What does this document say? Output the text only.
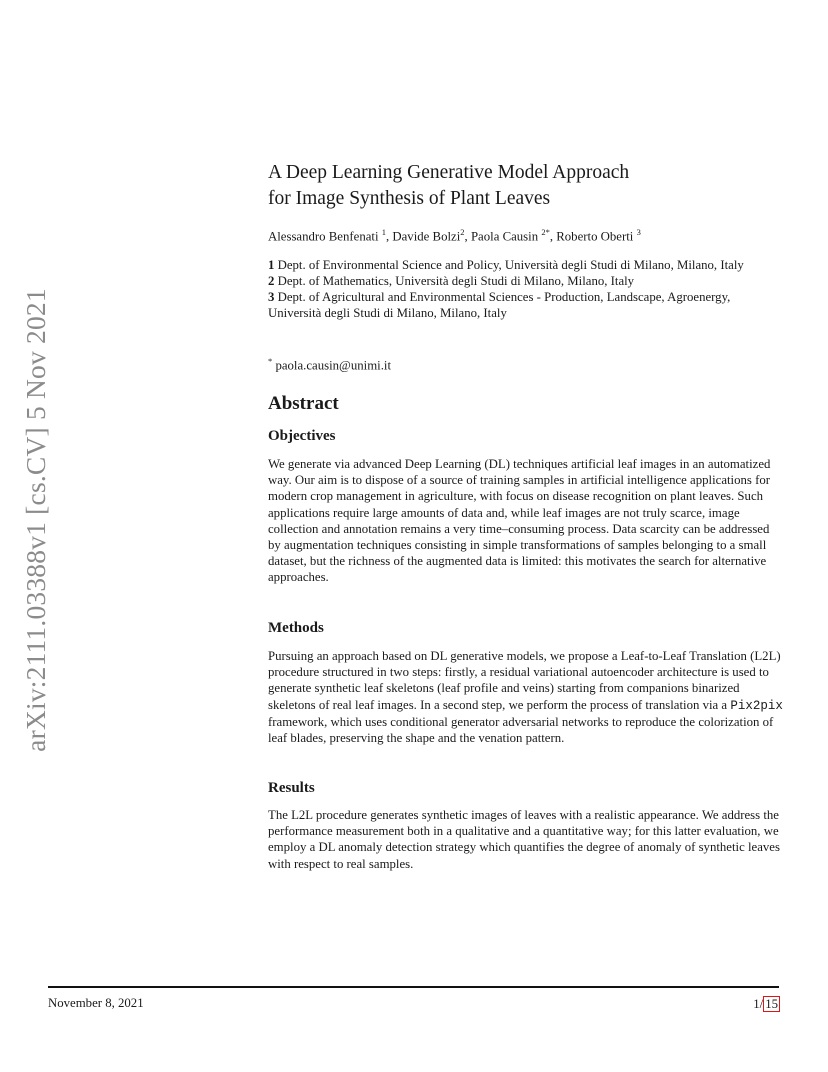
arXiv:2111.03388v1 [cs.CV] 5 Nov 2021
A Deep Learning Generative Model Approach
for Image Synthesis of Plant Leaves
Alessandro Benfenati $^1$, Davide Bolzi$^2$, Paola Causin $^{2*}$, Roberto Oberti $^3$
1 Dept. of Environmental Science and Policy, Università degli Studi di Milano, Milano, Italy
2 Dept. of Mathematics, Università degli Studi di Milano, Milano, Italy
3 Dept. of Agricultural and Environmental Sciences - Production, Landscape, Agroenergy, Università degli Studi di Milano, Milano, Italy
* paola.causin@unimi.it
Abstract
Objectives

We generate via advanced Deep Learning (DL) techniques artificial leaf images in an automatized way. Our aim is to dispose of a source of training samples in artificial intelligence applications for modern crop management in agriculture, with focus on disease recognition on plant leaves. Such applications require large amounts of data and, while leaf images are not truly scarce, image collection and annotation remains a very time–consuming process. Data scarcity can be addressed by augmentation techniques consisting in simple transformations of samples belonging to a small dataset, but the richness of the augmented data is limited: this motivates the search for alternative approaches.

Methods

Pursuing an approach based on DL generative models, we propose a Leaf-to-Leaf Translation (L2L) procedure structured in two steps: firstly, a residual variational autoencoder architecture is used to generate synthetic leaf skeletons (leaf profile and veins) starting from companions binarized skeletons of real leaf images. In a second step, we perform the process of translation via a Pix2pix framework, which uses conditional generator adversarial networks to reproduce the colorization of leaf blades, preserving the shape and the venation pattern.

Results

The L2L procedure generates synthetic images of leaves with a realistic appearance. We address the performance measurement both in a qualitative and a quantitative way; for this latter evaluation, we employ a DL anomaly detection strategy which quantifies the degree of anomaly of synthetic leaves with respect to real samples.

November 8, 2021	1/ 15
